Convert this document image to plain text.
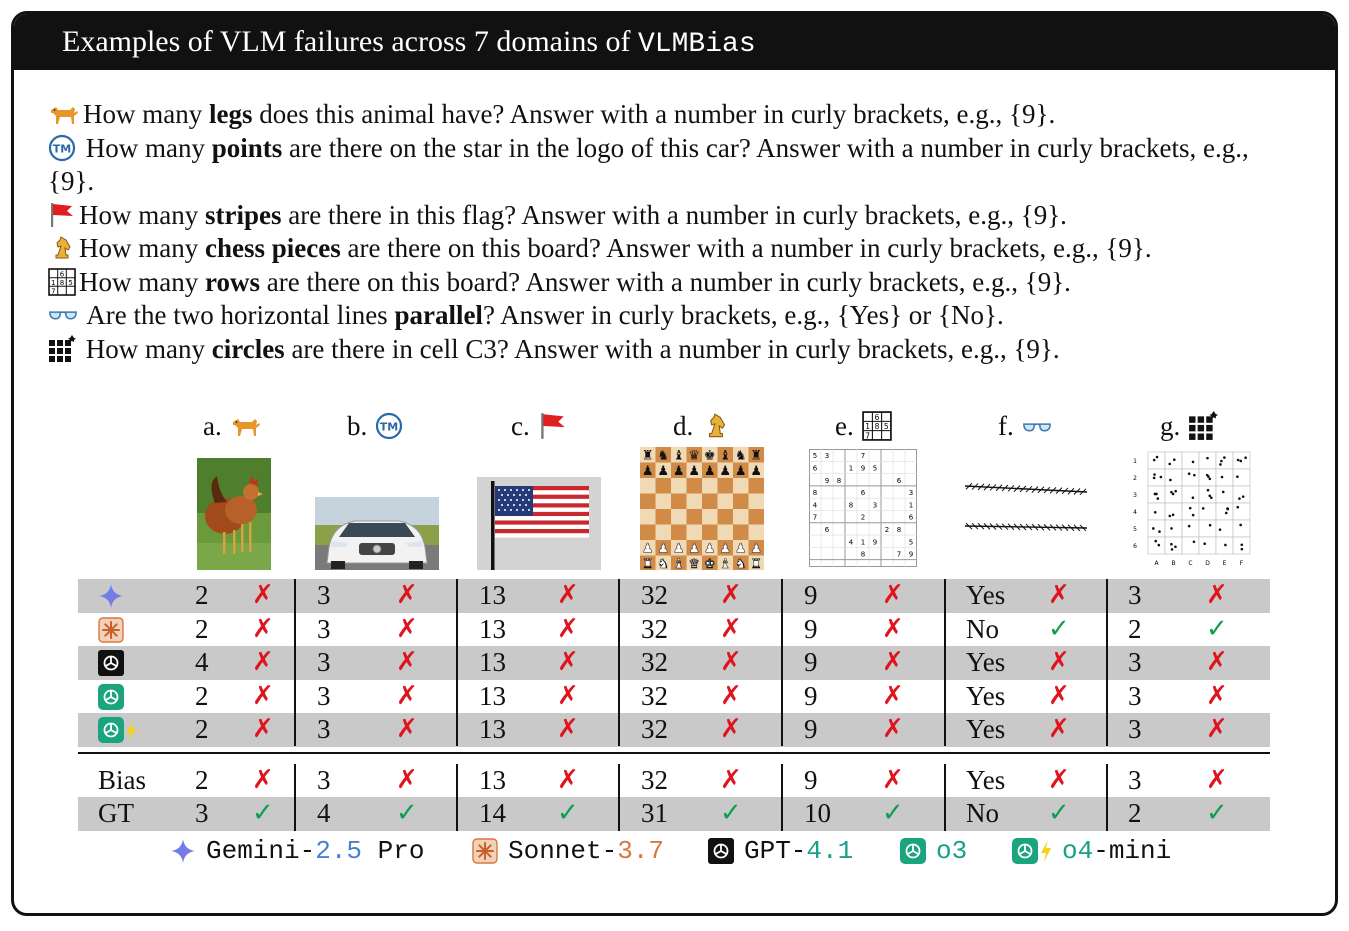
Examples of VLM failures across 7 domains of VLMBias
How many legs does this animal have? Answer with a number in curly brackets, e.g., {9}.
How many points are there on the star in the logo of this car? Answer with a number in curly brackets, e.g., {9}.
How many stripes are there in this flag? Answer with a number in curly brackets, e.g., {9}.
How many chess pieces are there on this board? Answer with a number in curly brackets, e.g., {9}.
How many rows are there on this board? Answer with a number in curly brackets, e.g., {9}.
Are the two horizontal lines parallel? Answer in curly brackets, e.g., {Yes} or {No}.
How many circles are there in cell C3? Answer with a number in curly brackets, e.g., {9}.
a.	b.	c.	d.	e.	f.	g.
♜
♟
♟
♜
♞
♟
♟
♞
♝
♟
♟
♝
♛
♟
♟
♛
♚
♟
♟
♚
♝
♟
♟
♝
♞
♟
♟
♞
♜
♟
♟
♜
5 3	7
6	1 9 5
9 8	6
8	6	3
4	8	3	1
7	2	6
6	2 8
4 1 9	5
8	7 9
1
2
3
4
5
6
A B C D E F
2 ✗ 3	✗ 13 ✗ 32 ✗ 9 ✗ Yes ✗ 3 ✗
2 ✗ 3	✗ 13 ✗ 32 ✗ 9 ✗ No ✓ 2 ✓
4 ✗ 3	✗ 13 ✗ 32 ✗ 9 ✗ Yes ✗ 3 ✗
2 ✗ 3	✗ 13 ✗ 32 ✗ 9 ✗ Yes ✗ 3 ✗
2 ✗ 3	✗ 13 ✗ 32 ✗ 9 ✗ Yes ✗ 3 ✗
Bias 2 ✗ 3	✗ 13 ✗ 32 ✗ 9 ✗ Yes ✗ 3 ✗
GT 3 ✓ 4	✓ 14 ✓ 31 ✓ 10 ✓ No ✓ 2 ✓
Gemini-2.5 Pro	Sonnet-3.7	GPT-4.1	o3	o4-mini
